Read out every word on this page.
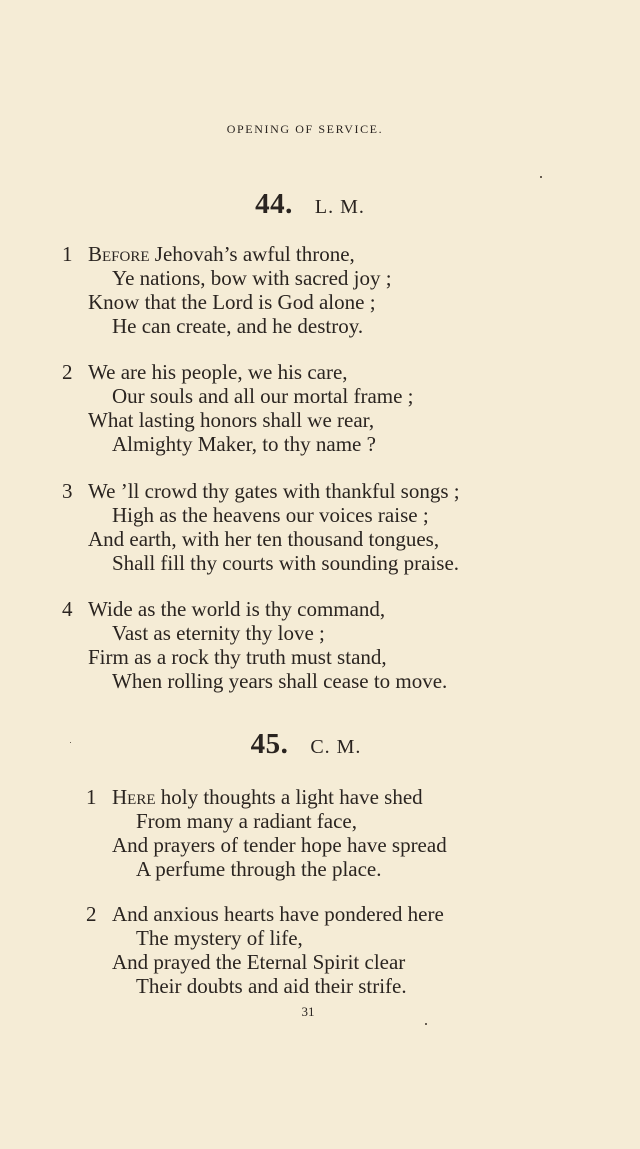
OPENING OF SERVICE.
44. L. M.
1 Before Jehovah’s awful throne,
Ye nations, bow with sacred joy ;
Know that the Lord is God alone ;
He can create, and he destroy.
2 We are his people, we his care,
Our souls and all our mortal frame ;
What lasting honors shall we rear,
Almighty Maker, to thy name ?
3 We ’ll crowd thy gates with thankful songs ;
High as the heavens our voices raise ;
And earth, with her ten thousand tongues,
Shall fill thy courts with sounding praise.
4 Wide as the world is thy command,
Vast as eternity thy love ;
Firm as a rock thy truth must stand,
When rolling years shall cease to move.
45. C. M.
1 Here holy thoughts a light have shed
From many a radiant face,
And prayers of tender hope have spread
A perfume through the place.
2 And anxious hearts have pondered here
The mystery of life,
And prayed the Eternal Spirit clear
Their doubts and aid their strife.
31
